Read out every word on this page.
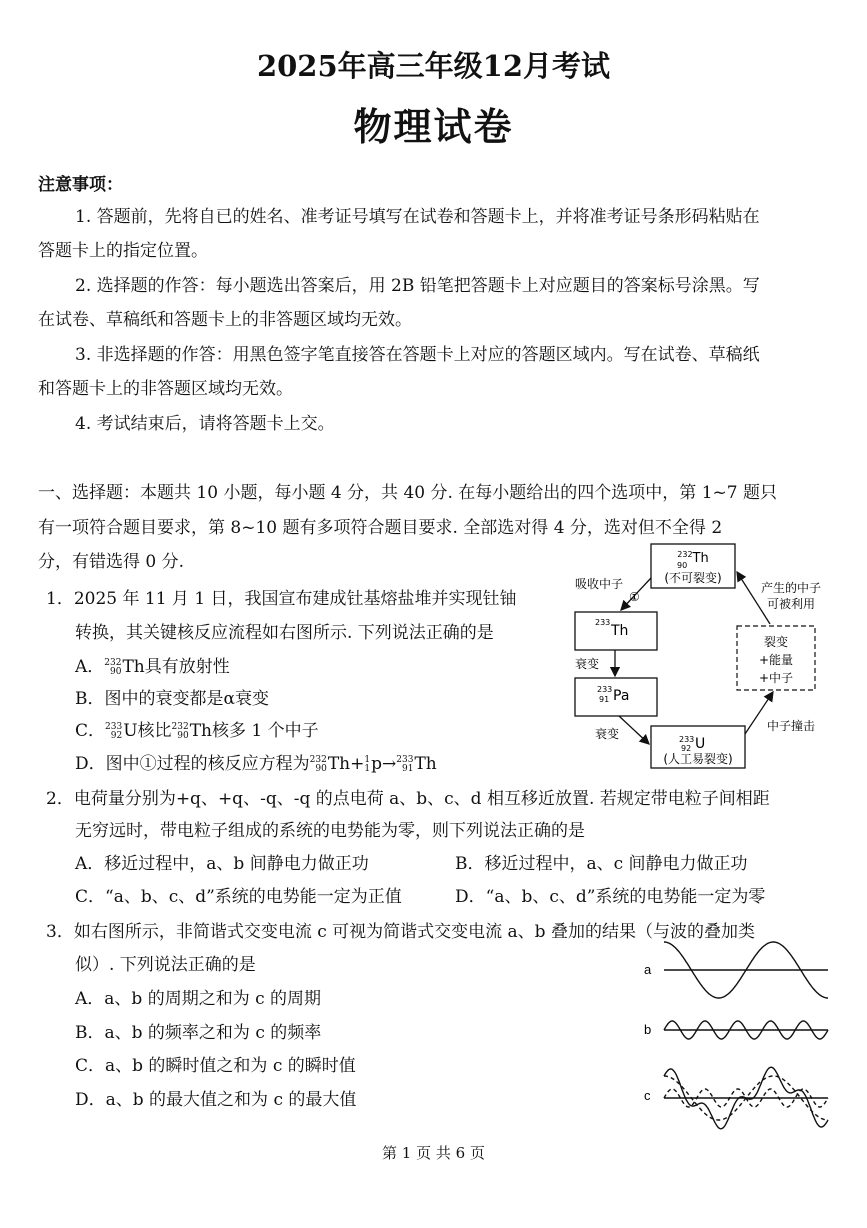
2025年高三年级12月考试
物理试卷
注意事项：
1. 答题前，先将自已的姓名、准考证号填写在试卷和答题卡上，并将准考证号条形码粘贴在
答题卡上的指定位置。
2. 选择题的作答：每小题选出答案后，用 2B 铅笔把答题卡上对应题目的答案标号涂黑。写
在试卷、草稿纸和答题卡上的非答题区域均无效。
3. 非选择题的作答：用黑色签字笔直接答在答题卡上对应的答题区域内。写在试卷、草稿纸
和答题卡上的非答题区域均无效。
4. 考试结束后，请将答题卡上交。
一、选择题：本题共 10 小题，每小题 4 分，共 40 分. 在每小题给出的四个选项中，第 1~7 题只
有一项符合题目要求，第 8~10 题有多项符合题目要求. 全部选对得 4 分，选对但不全得 2
分，有错选得 0 分.
1．2025 年 11 月 1 日，我国宣布建成钍基熔盐堆并实现钍铀
转换，其关键核反应流程如右图所示. 下列说法正确的是
A． 232
90 Th具有放射性
B．图中的衰变都是α衰变
C． 233
92 U核比 232
90 Th核多 1 个中子
D．图中①过程的核反应方程为 232
90 Th+ 1
1 p→ 233
91 Th
$^{232}$Th
90
(不可裂变)
233
Th
233
91 Pa
233
92 U
(人工易裂变)
裂变
+能量
+中子
吸收中子
①
衰变
衰变
产生的中子
可被利用
中子撞击
2．电荷量分别为+q、+q、-q、-q 的点电荷 a、b、c、d 相互移近放置. 若规定带电粒子间相距
无穷远时，带电粒子组成的系统的电势能为零，则下列说法正确的是
A．移近过程中，a、b 间静电力做正功	B．移近过程中，a、c 间静电力做正功
C．“a、b、c、d”系统的电势能一定为正值	D．“a、b、c、d”系统的电势能一定为零
3．如右图所示，非简谐式交变电流 c 可视为简谐式交变电流 a、b 叠加的结果（与波的叠加类
似）. 下列说法正确的是
A．a、b 的周期之和为 c 的周期
B．a、b 的频率之和为 c 的频率
C．a、b 的瞬时值之和为 c 的瞬时值
D．a、b 的最大值之和为 c 的最大值
a
b
c
第 1 页 共 6 页
